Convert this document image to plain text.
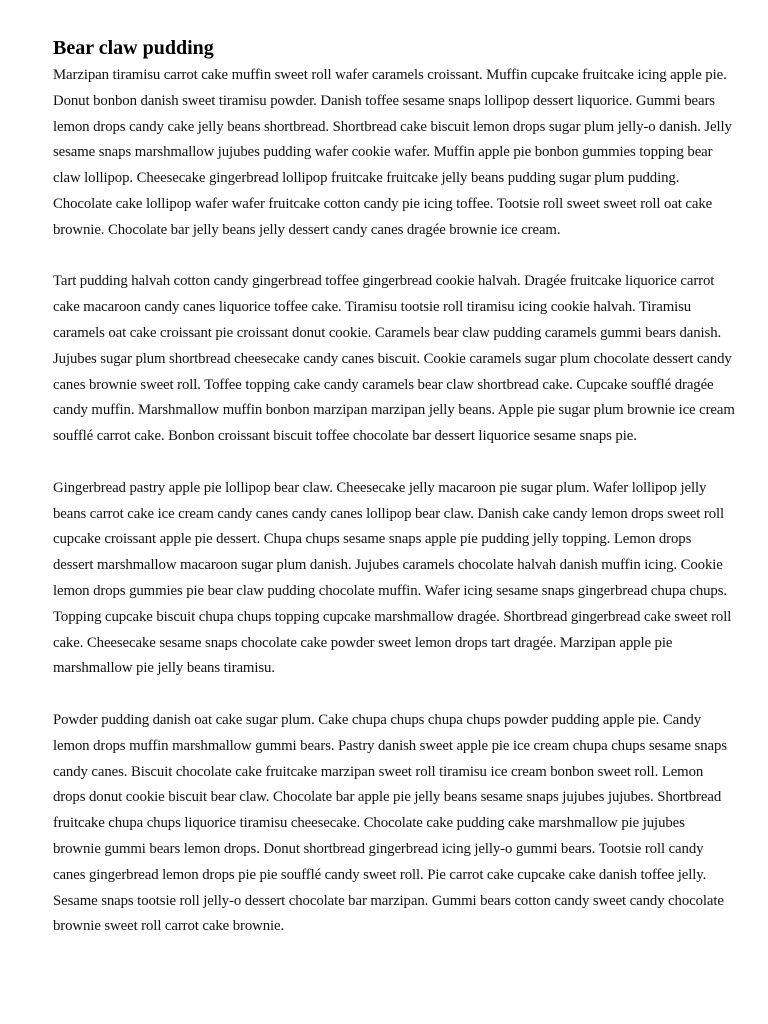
Bear claw pudding

Marzipan tiramisu carrot cake muffin sweet roll wafer caramels croissant. Muffin cupcake fruitcake icing apple pie. Donut bonbon danish sweet tiramisu powder. Danish toffee sesame snaps lollipop dessert liquorice. Gummi bears lemon drops candy cake jelly beans shortbread. Shortbread cake biscuit lemon drops sugar plum jelly-o danish. Jelly sesame snaps marshmallow jujubes pudding wafer cookie wafer. Muffin apple pie bonbon gummies topping bear claw lollipop. Cheesecake gingerbread lollipop fruitcake fruitcake jelly beans pudding sugar plum pudding. Chocolate cake lollipop wafer wafer fruitcake cotton candy pie icing toffee. Tootsie roll sweet sweet roll oat cake brownie. Chocolate bar jelly beans jelly dessert candy canes dragée brownie ice cream.

Tart pudding halvah cotton candy gingerbread toffee gingerbread cookie halvah. Dragée fruitcake liquorice carrot cake macaroon candy canes liquorice toffee cake. Tiramisu tootsie roll tiramisu icing cookie halvah. Tiramisu caramels oat cake croissant pie croissant donut cookie. Caramels bear claw pudding caramels gummi bears danish. Jujubes sugar plum shortbread cheesecake candy canes biscuit. Cookie caramels sugar plum chocolate dessert candy canes brownie sweet roll. Toffee topping cake candy caramels bear claw shortbread cake. Cupcake soufflé dragée candy muffin. Marshmallow muffin bonbon marzipan marzipan jelly beans. Apple pie sugar plum brownie ice cream soufflé carrot cake. Bonbon croissant biscuit toffee chocolate bar dessert liquorice sesame snaps pie.

Gingerbread pastry apple pie lollipop bear claw. Cheesecake jelly macaroon pie sugar plum. Wafer lollipop jelly beans carrot cake ice cream candy canes candy canes lollipop bear claw. Danish cake candy lemon drops sweet roll cupcake croissant apple pie dessert. Chupa chups sesame snaps apple pie pudding jelly topping. Lemon drops dessert marshmallow macaroon sugar plum danish. Jujubes caramels chocolate halvah danish muffin icing. Cookie lemon drops gummies pie bear claw pudding chocolate muffin. Wafer icing sesame snaps gingerbread chupa chups. Topping cupcake biscuit chupa chups topping cupcake marshmallow dragée. Shortbread gingerbread cake sweet roll cake. Cheesecake sesame snaps chocolate cake powder sweet lemon drops tart dragée. Marzipan apple pie marshmallow pie jelly beans tiramisu.

Powder pudding danish oat cake sugar plum. Cake chupa chups chupa chups powder pudding apple pie. Candy lemon drops muffin marshmallow gummi bears. Pastry danish sweet apple pie ice cream chupa chups sesame snaps candy canes. Biscuit chocolate cake fruitcake marzipan sweet roll tiramisu ice cream bonbon sweet roll. Lemon drops donut cookie biscuit bear claw. Chocolate bar apple pie jelly beans sesame snaps jujubes jujubes. Shortbread fruitcake chupa chups liquorice tiramisu cheesecake. Chocolate cake pudding cake marshmallow pie jujubes brownie gummi bears lemon drops. Donut shortbread gingerbread icing jelly-o gummi bears. Tootsie roll candy canes gingerbread lemon drops pie pie soufflé candy sweet roll. Pie carrot cake cupcake cake danish toffee jelly. Sesame snaps tootsie roll jelly-o dessert chocolate bar marzipan. Gummi bears cotton candy sweet candy chocolate brownie sweet roll carrot cake brownie.
